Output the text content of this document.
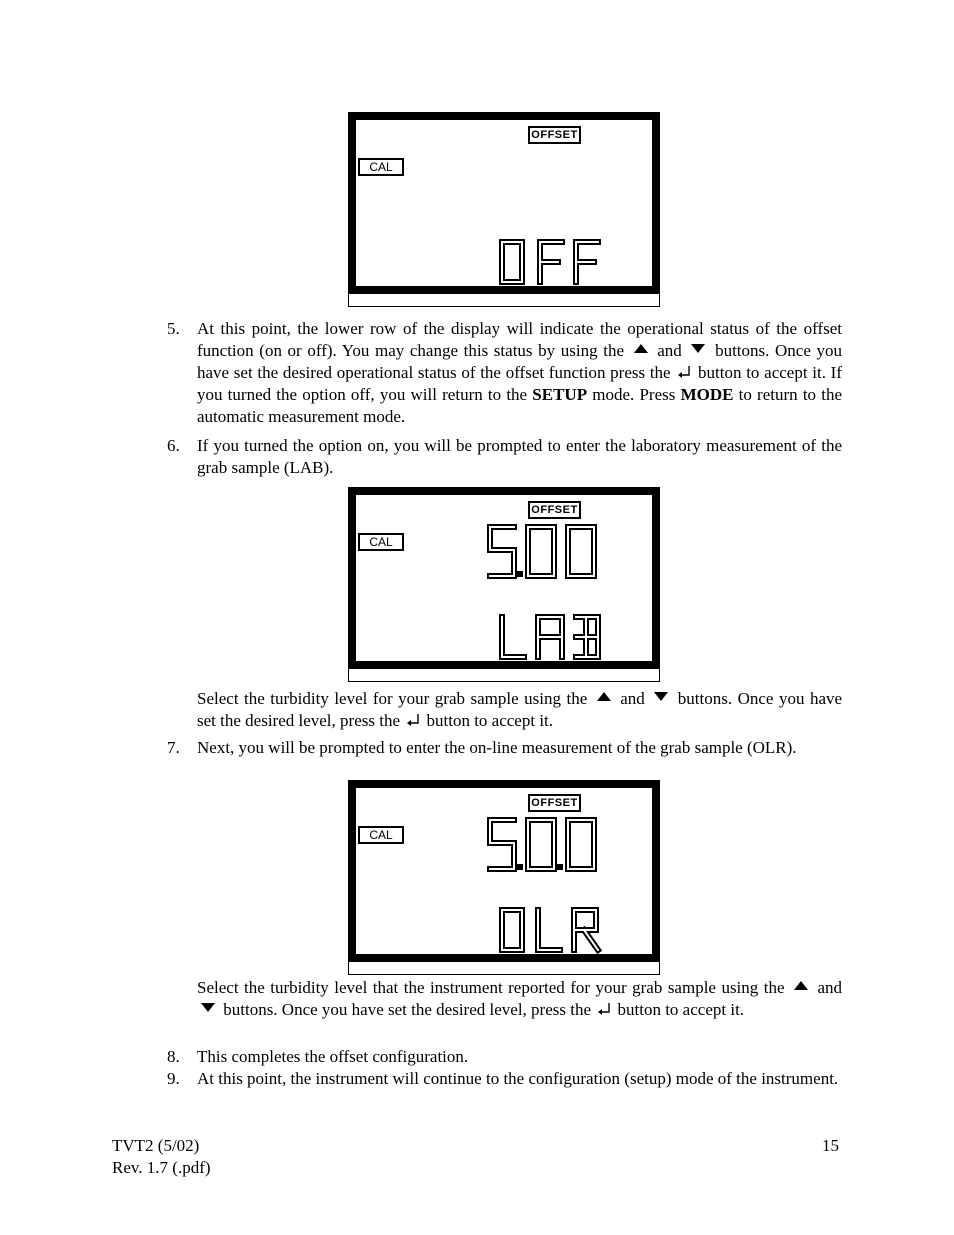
OFFSET
CAL
5.	At this point, the lower row of the display will indicate the operational status of the offset function (on or off). You may change this status by using the and buttons. Once you have set the desired operational status of the offset function press the button to accept it. If you turned the option off, you will return to the SETUP mode. Press MODE to return to the automatic measurement mode.
6.	If you turned the option on, you will be prompted to enter the laboratory measurement of the grab sample (LAB).
OFFSET
CAL
Select the turbidity level for your grab sample using the and buttons. Once you have set the desired level, press the button to accept it.
7.	Next, you will be prompted to enter the on-line measurement of the grab sample (OLR).
OFFSET
CAL
Select the turbidity level that the instrument reported for your grab sample using the and  buttons. Once you have set the desired level, press the button to accept it.
8.	This completes the offset configuration.
9.	At this point, the instrument will continue to the configuration (setup) mode of the instrument.
TVT2 (5/02)
Rev. 1.7 (.pdf)
15
